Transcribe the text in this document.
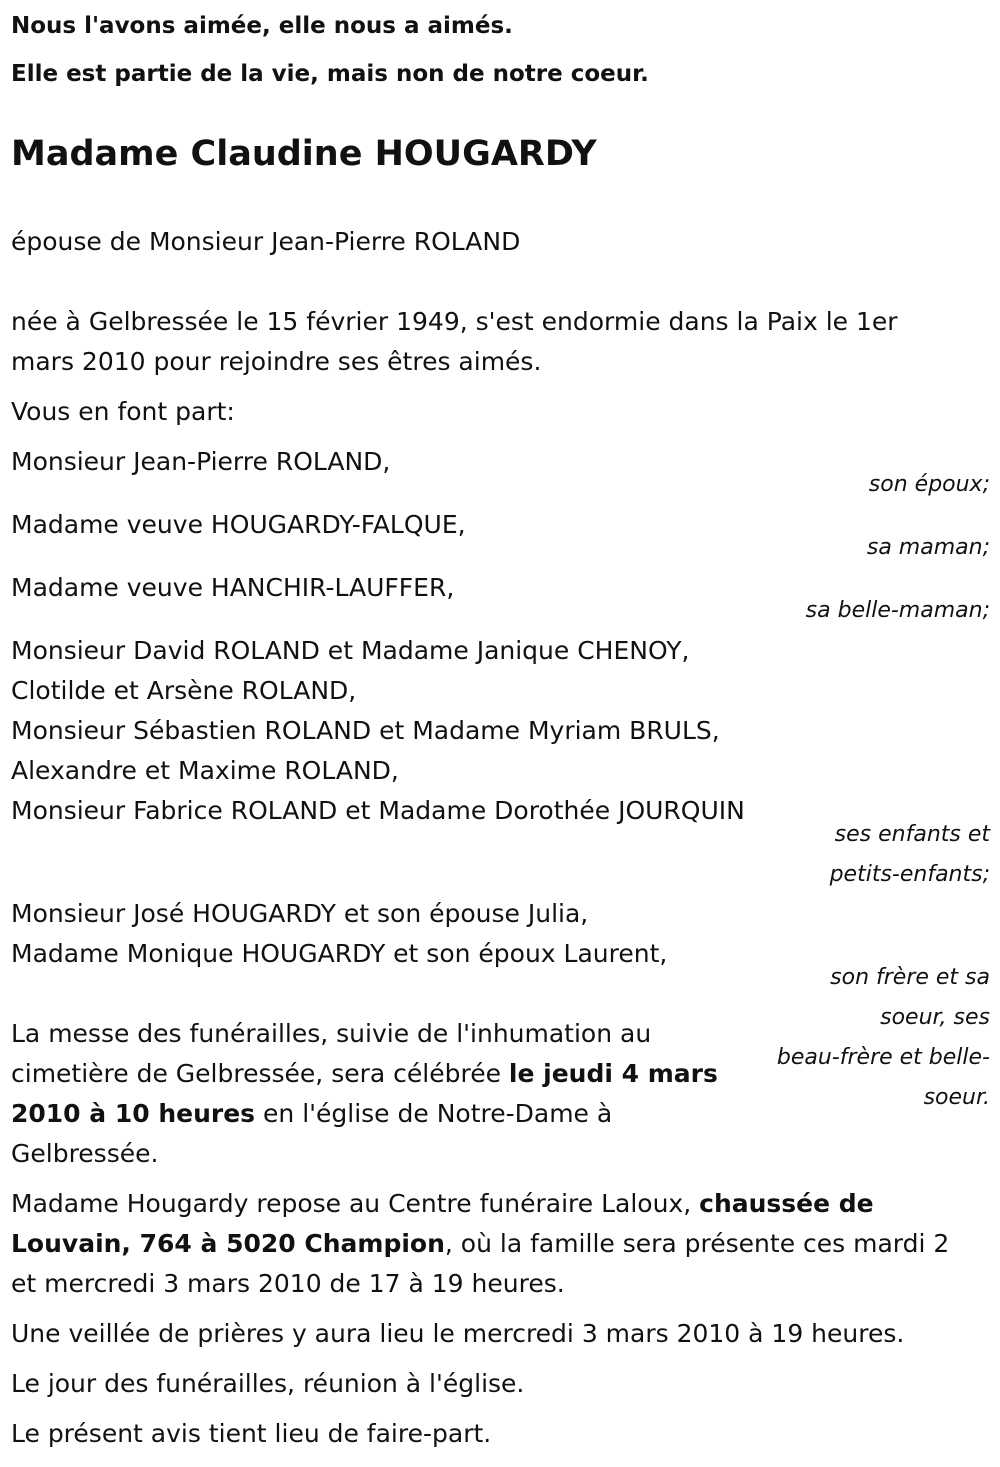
Nous l'avons aimée, elle nous a aimés.
Elle est partie de la vie, mais non de notre coeur.
Madame Claudine HOUGARDY
épouse de Monsieur Jean-Pierre ROLAND
née à Gelbressée le 15 février 1949, s'est endormie dans la Paix le 1er
mars 2010 pour rejoindre ses êtres aimés.
Vous en font part:
Monsieur Jean-Pierre ROLAND,
son époux;
Madame veuve HOUGARDY-FALQUE,
sa maman;
Madame veuve HANCHIR-LAUFFER,
sa belle-maman;
Monsieur David ROLAND et Madame Janique CHENOY,
Clotilde et Arsène ROLAND,
Monsieur Sébastien ROLAND et Madame Myriam BRULS,
Alexandre et Maxime ROLAND,
Monsieur Fabrice ROLAND et Madame Dorothée JOURQUIN
ses enfants et
petits-enfants;
Monsieur José HOUGARDY et son épouse Julia,
Madame Monique HOUGARDY et son époux Laurent,
son frère et sa
soeur, ses
beau-frère et belle-
soeur.
La messe des funérailles, suivie de l'inhumation au
cimetière de Gelbressée, sera célébrée le jeudi 4 mars
2010 à 10 heures en l'église de Notre-Dame à
Gelbressée.
Madame Hougardy repose au Centre funéraire Laloux, chaussée de
Louvain, 764 à 5020 Champion, où la famille sera présente ces mardi 2
et mercredi 3 mars 2010 de 17 à 19 heures.
Une veillée de prières y aura lieu le mercredi 3 mars 2010 à 19 heures.
Le jour des funérailles, réunion à l'église.
Le présent avis tient lieu de faire-part.
